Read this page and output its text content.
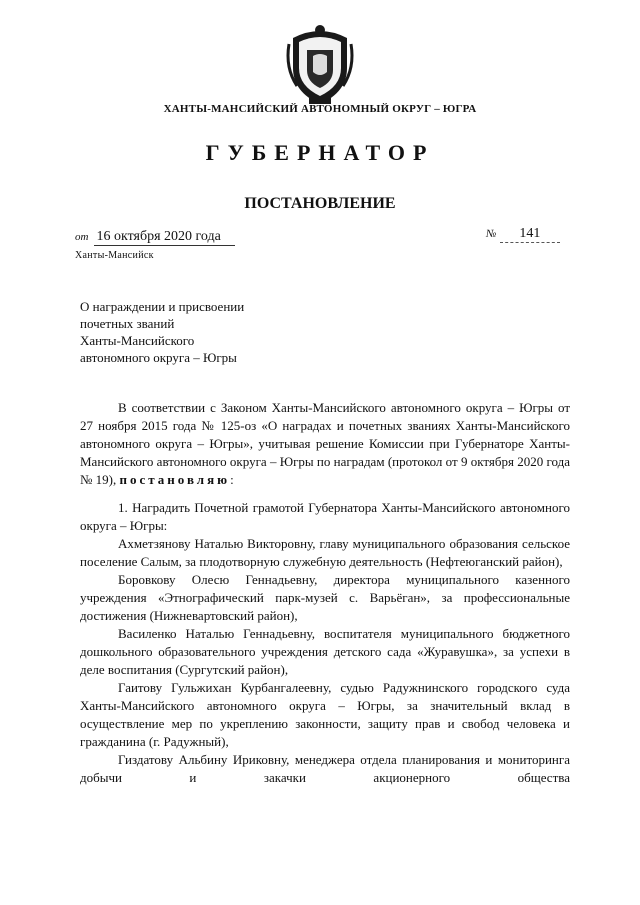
ХАНТЫ-МАНСИЙСКИЙ АВТОНОМНЫЙ ОКРУГ – ЮГРА
ГУБЕРНАТОР
ПОСТАНОВЛЕНИЕ
от 16 октября 2020 года	№ 141
Ханты-Мансийск
О награждении и присвоении
почетных званий
Ханты-Мансийского
автономного округа – Югры

В соответствии с Законом Ханты-Мансийского автономного округа – Югры от 27 ноября 2015 года № 125-оз «О наградах и почетных званиях Ханты-Мансийского автономного округа – Югры», учитывая решение Комиссии при Губернаторе Ханты-Мансийского автономного округа – Югры по наградам (протокол от 9 октября 2020 года № 19), постановляю:

1. Наградить Почетной грамотой Губернатора Ханты-Мансийского автономного округа – Югры:

Ахметзянову Наталью Викторовну, главу муниципального образования сельское поселение Салым, за плодотворную служебную деятельность (Нефтеюганский район),

Боровкову Олесю Геннадьевну, директора муниципального казенного учреждения «Этнографический парк-музей с. Варьёган», за профессиональные достижения (Нижневартовский район),

Василенко Наталью Геннадьевну, воспитателя муниципального бюджетного дошкольного образовательного учреждения детского сада «Журавушка», за успехи в деле воспитания (Сургутский район),

Гаитову Гульжихан Курбангалеевну, судью Радужнинского городского суда Ханты-Мансийского автономного округа – Югры, за значительный вклад в осуществление мер по укреплению законности, защиту прав и свобод человека и гражданина (г. Радужный),

Гиздатову Альбину Ириковну, менеджера отдела планирования и мониторинга добычи и закачки акционерного общества
